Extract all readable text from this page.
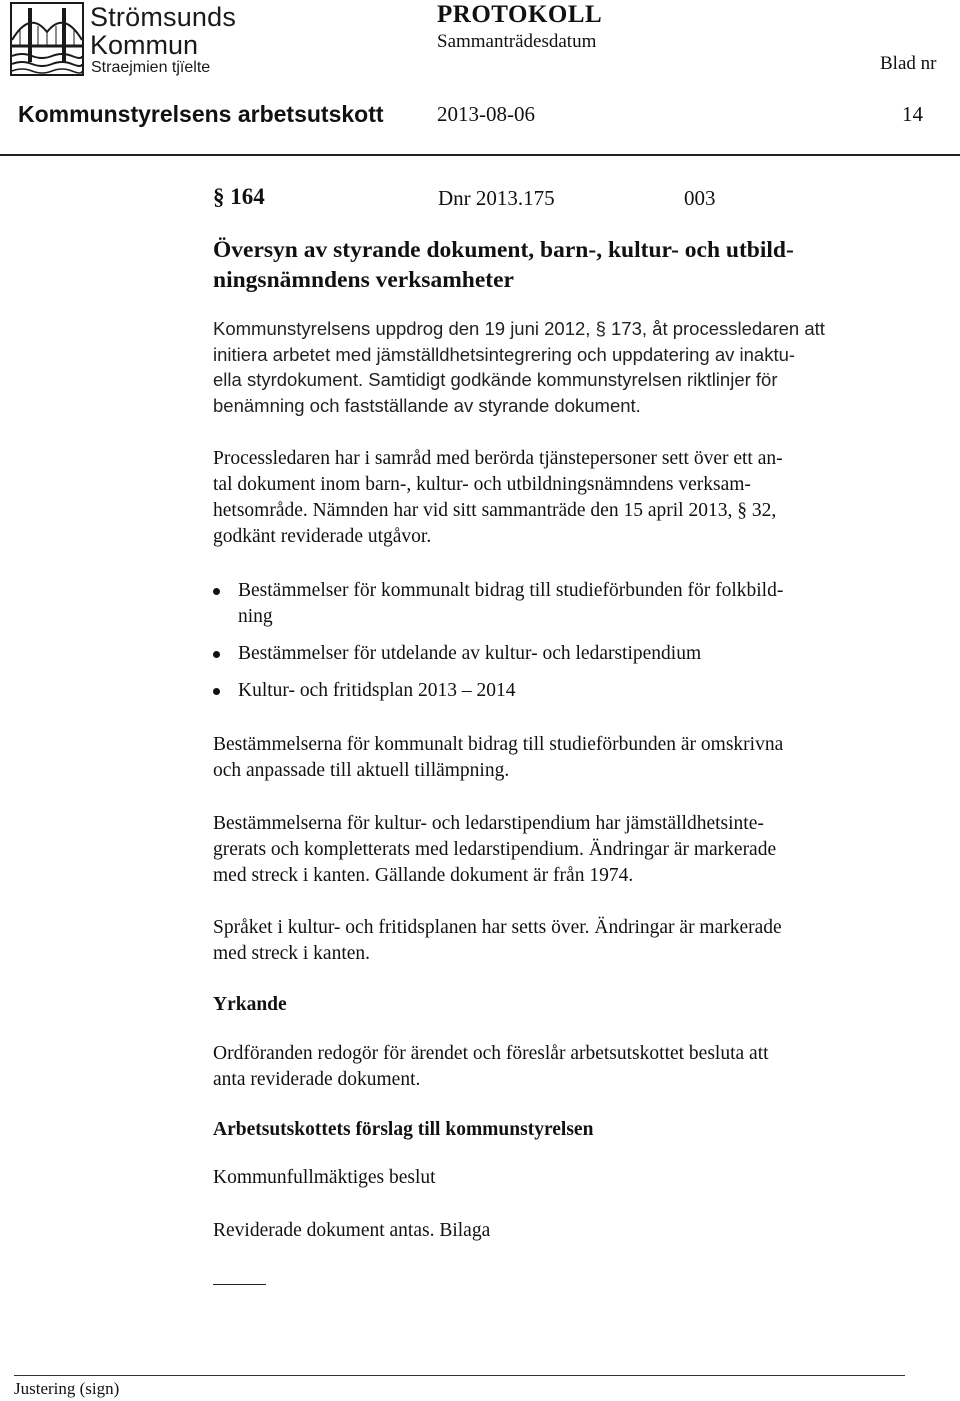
Strömsunds
Kommun
Straejmien tjïelte
PROTOKOLL
Sammanträdesdatum
Blad nr
Kommunstyrelsens arbetsutskott	2013-08-06	14
§ 164	Dnr 2013.175	003
Översyn av styrande dokument, barn-, kultur- och utbild-
ningsnämndens verksamheter
Kommunstyrelsens uppdrog den 19 juni 2012, § 173, åt processledaren att
initiera arbetet med jämställdhetsintegrering och uppdatering av inaktu-
ella styrdokument. Samtidigt godkände kommunstyrelsen riktlinjer för
benämning och fastställande av styrande dokument.
Processledaren har i samråd med berörda tjänstepersoner sett över ett an-
tal dokument inom barn-, kultur- och utbildningsnämndens verksam-
hetsområde. Nämnden har vid sitt sammanträde den 15 april 2013, § 32,
godkänt reviderade utgåvor.
Bestämmelser för kommunalt bidrag till studieförbunden för folkbild-
ning
Bestämmelser för utdelande av kultur- och ledarstipendium
Kultur- och fritidsplan 2013 – 2014
Bestämmelserna för kommunalt bidrag till studieförbunden är omskrivna
och anpassade till aktuell tillämpning.
Bestämmelserna för kultur- och ledarstipendium har jämställdhetsinte-
grerats och kompletterats med ledarstipendium. Ändringar är markerade
med streck i kanten. Gällande dokument är från 1974.
Språket i kultur- och fritidsplanen har setts över. Ändringar är markerade
med streck i kanten.
Yrkande
Ordföranden redogör för ärendet och föreslår arbetsutskottet besluta att
anta reviderade dokument.
Arbetsutskottets förslag till kommunstyrelsen
Kommunfullmäktiges beslut
Reviderade dokument antas. Bilaga
Justering (sign)
